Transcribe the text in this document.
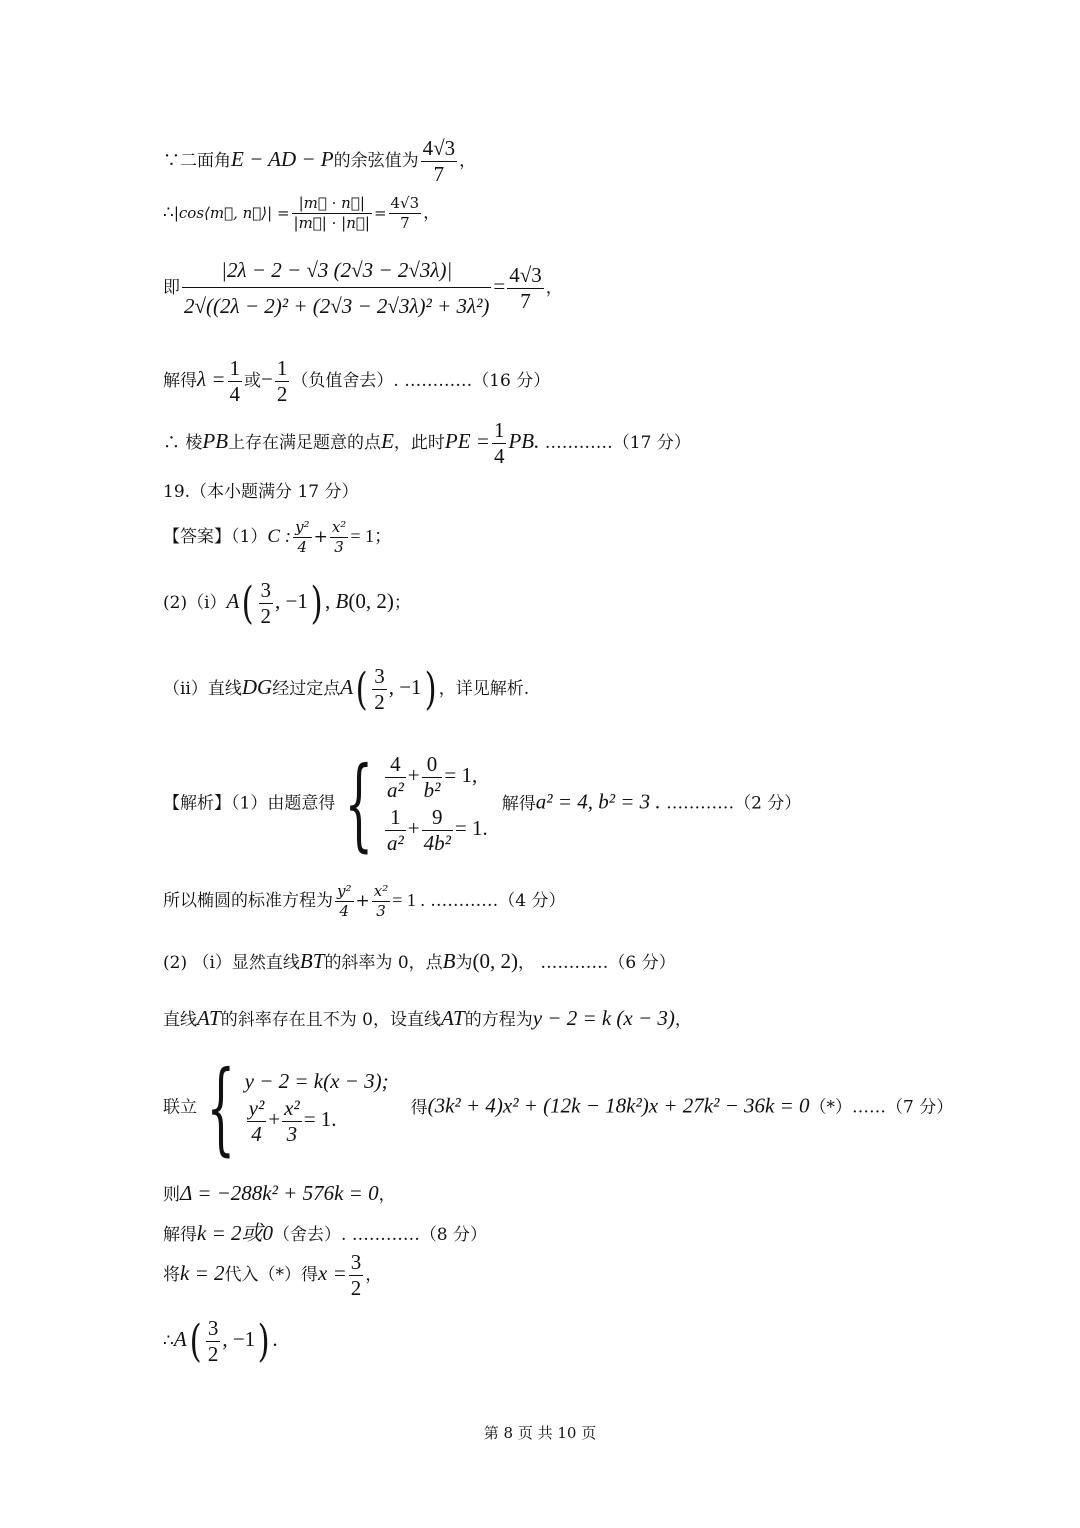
∵二面角E − AD − P的余弦值为 $\frac{4√3}{7}$ ，
∴|cos⟨m⃗, n⃗⟩| = $\frac{|m⃗ \cdot n⃗|}{|m⃗| \cdot |n⃗|} = \frac{4√3}{7}$ ，
即 $\frac{|2\lambda - 2 - √3 (2√3 - 2√3\lambda)|}{\text{2√((2λ − 2)² + (2√3 − 2√3λ)² + 3λ²)}} = \frac{4√3}{7}$ ，
解得$\lambda = \frac{1}{4}$ 或− $\frac{1}{2}$ （负值舍去）. …………（16 分）
∴ 棱PB上存在满足题意的点E，此时PE = $\frac{1}{4}$ PB. …………（17 分）
19.（本小题满分 17 分）
【答案】（1）C : $\frac{\text{y²}}{4} + \frac{\text{x²}}{3} = 1$；
$(2)(i)A( \frac{3}{2}$ , −1) , B(0, 2)；
（ii）直线DG经过定点$A( \frac{3}{2}$ , −1) ，详见解析.
【解析】（1）由题意得{ $\frac{4}{\text{a²}} + \frac{0}{\text{b²}} = 1$,
$\frac{1}{\text{a²}} + \frac{9}{\text{4b²}} = 1$.
解得a² = 4, b² = 3 . …………（2 分）
所以椭圆的标准方程为 $\frac{\text{y²}}{4} + \frac{\text{x²}}{3} = 1$ . …………（4 分）
(2) （i）显然直线BT的斜率为 0，点B为(0, 2)， …………（6 分）
直线AT的斜率存在且不为 0，设直线AT的方程为y − 2 = k (x − 3)，
联立{ y − 2 = k(x − 3);
$\frac{\text{y²}}{4} + \frac{\text{x²}}{3} = 1$.	得(3k² + 4)x² + (12k − 18k²)x + 27k² − 36k = 0（*）……（7 分）
则Δ = −288k² + 576k = 0，
解得k = 2或0（舍去）. …………（8 分）
将k = 2代入（*）得$x = \frac{3}{2}$ ，
∴A( $\frac{3}{2}$ , −1) .
第 8 页 共 10 页
